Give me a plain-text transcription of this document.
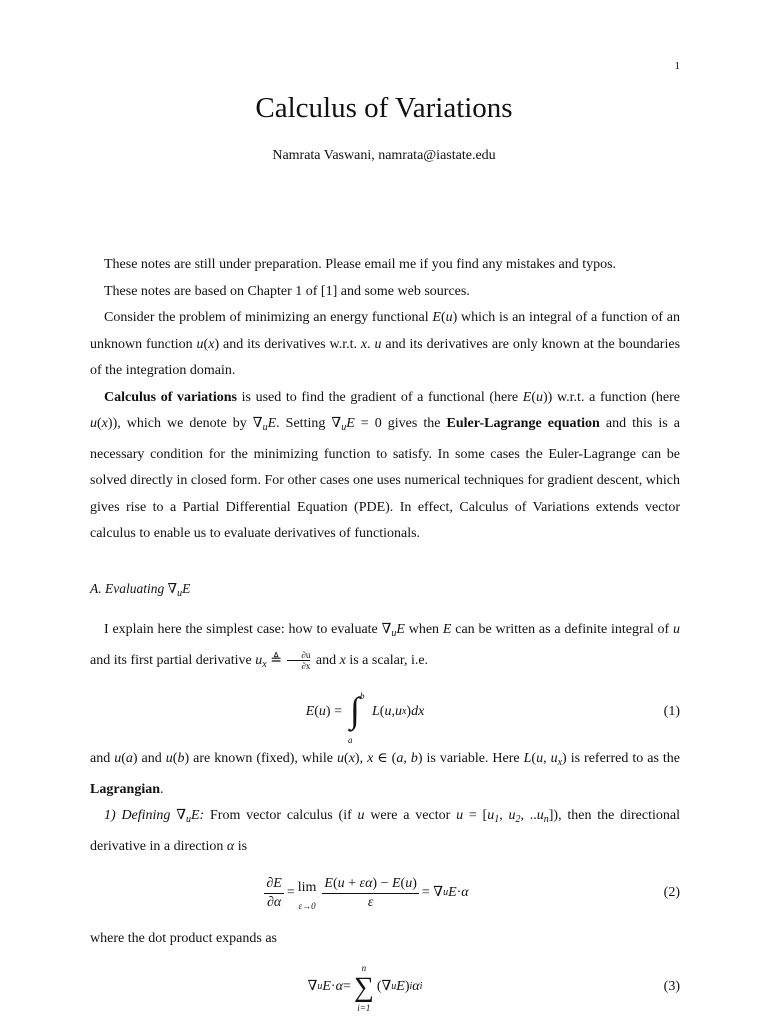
1
Calculus of Variations
Namrata Vaswani, namrata@iastate.edu

These notes are still under preparation. Please email me if you find any mistakes and typos.

These notes are based on Chapter 1 of [1] and some web sources.

Consider the problem of minimizing an energy functional E(u) which is an integral of a function of an unknown function u(x) and its derivatives w.r.t. x. u and its derivatives are only known at the boundaries of the integration domain.

Calculus of variations is used to find the gradient of a functional (here E(u)) w.r.t. a function (here u(x)), which we denote by $\nabla_uE$. Setting $\nabla_uE = 0$ gives the Euler-Lagrange equation and this is a necessary condition for the minimizing function to satisfy. In some cases the Euler-Lagrange can be solved directly in closed form. For other cases one uses numerical techniques for gradient descent, which gives rise to a Partial Differential Equation (PDE). In effect, Calculus of Variations extends vector calculus to enable us to evaluate derivatives of functionals.

A. Evaluating $\nabla_uE$

I explain here the simplest case: how to evaluate $\nabla_uE$ when E can be written as a definite integral of u and its first partial derivative $u_x$ ≜ $\frac{\partial u}{\partial x}$ and x is a scalar, i.e.

E ( u ) = ∫ b
a
L ( u , u x ) dx	(1)

and u(a) and u(b) are known (fixed), while u(x), x ∈ (a, b) is variable. Here L(u, $u_x$) is referred to as the Lagrangian.

1) Defining $\nabla_uE$: From vector calculus (if u were a vector $u = [u_1$, $u_2$, $..u_n$]), then the directional derivative in a direction α is

$\frac{\partial E}{\partial\alpha} = \lim$
$\varepsilon\to 0 \frac{E(u + \varepsilon\alpha) - E(u)}{\varepsilon}$ = ∇ u E · α	(2)

where the dot product expands as

∇ u E · α =
n
∑
i=1
(∇ u E ) i α i	(3)
